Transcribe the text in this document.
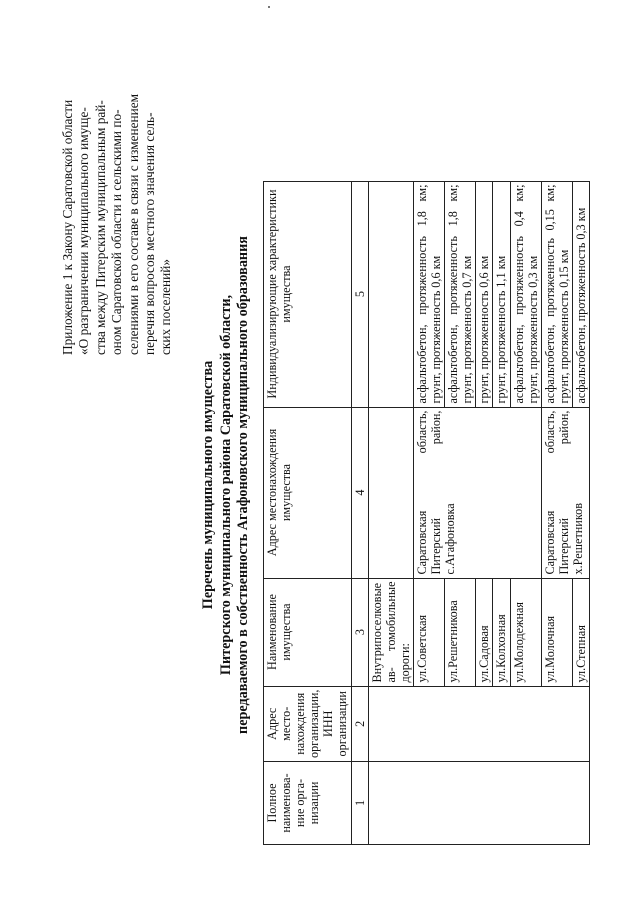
Приложение 1 к Закону Саратовской области «О разграничении муниципального имуще- ства между Питерским муниципальным рай- оном Саратовской области и сельскими по- селениями в его составе в связи с изменением перечня вопросов местного значения сель- ских поселений»
Перечень муниципального имущества Питерского муниципального района Саратовской области, передаваемого в собственность Агафоновского муниципального образования
Полное наименова- ние орга- низации	Адрес место- нахождения организации, ИНН организации	Наименование имущества	Адрес местонахождения имущества	Индивидуализирующие характеристики имущества
1	2	3	4	5
		Внутрипоселковые ав- томобильные дороги:		
		ул.Советская	Саратовская область, Питерский район, с.Агафоновка	асфальтобетон, протяженность 1,8 км; грунт, протяженность 0,6 км
		ул.Решетникова		асфальтобетон, протяженность 1,8 км; грунт, протяженность 0,7 км
		ул.Садовая		грунт, протяженность 0,6 км
		ул.Колхозная		грунт, протяженность 1,1 км
		ул.Молодежная		асфальтобетон, протяженность 0,4 км; грунт, протяженность 0,3 км
		ул.Молочная	Саратовская область, Питерский район, х.Решетников	асфальтобетон, протяженность 0,15 км; грунт, протяженность 0,15 км
		ул.Степная		асфальтобетон, протяженность 0,3 км
